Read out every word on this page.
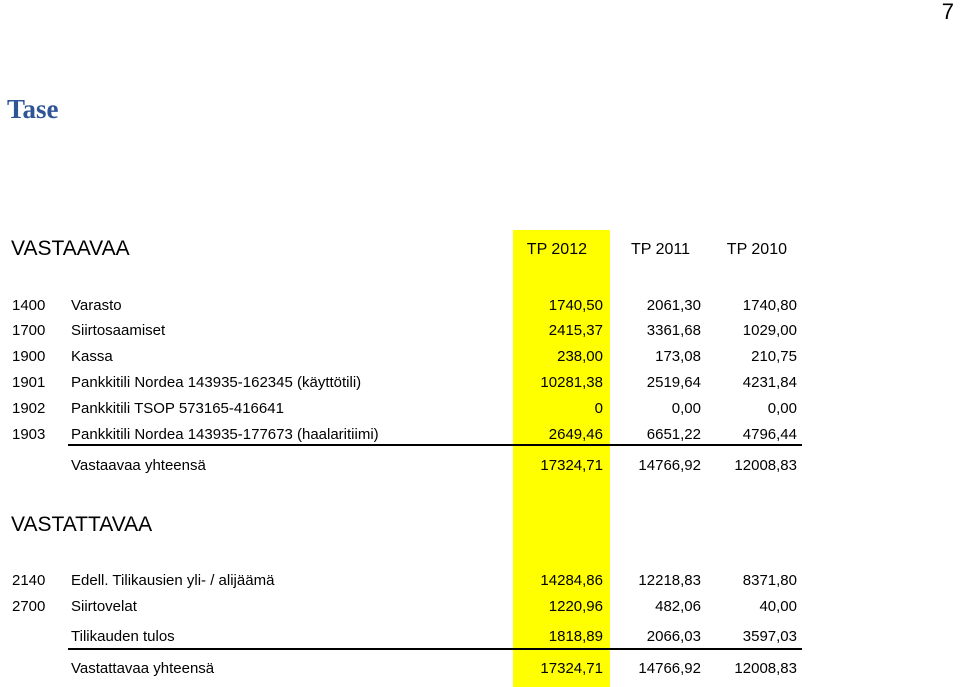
7
Tase
VASTAAVAA	TP 2012	TP 2011	TP 2010
1400 Varasto	1740,50	2061,30	1740,80
1700 Siirtosaamiset	2415,37	3361,68	1029,00
1900 Kassa	238,00	173,08	210,75
1901 Pankkitili Nordea 143935-162345 (käyttötili)	10281,38	2519,64	4231,84
1902 Pankkitili TSOP 573165-416641	0	0,00	0,00
1903 Pankkitili Nordea 143935-177673 (haalaritiimi)	2649,46	6651,22	4796,44
Vastaavaa yhteensä	17324,71 14766,92 12008,83
VASTATTAVAA
2140 Edell. Tilikausien yli- / alijäämä	14284,86 12218,83	8371,80
2700 Siirtovelat	1220,96	482,06	40,00
Tilikauden tulos	1818,89	2066,03	3597,03
Vastattavaa yhteensä	17324,71 14766,92 12008,83
